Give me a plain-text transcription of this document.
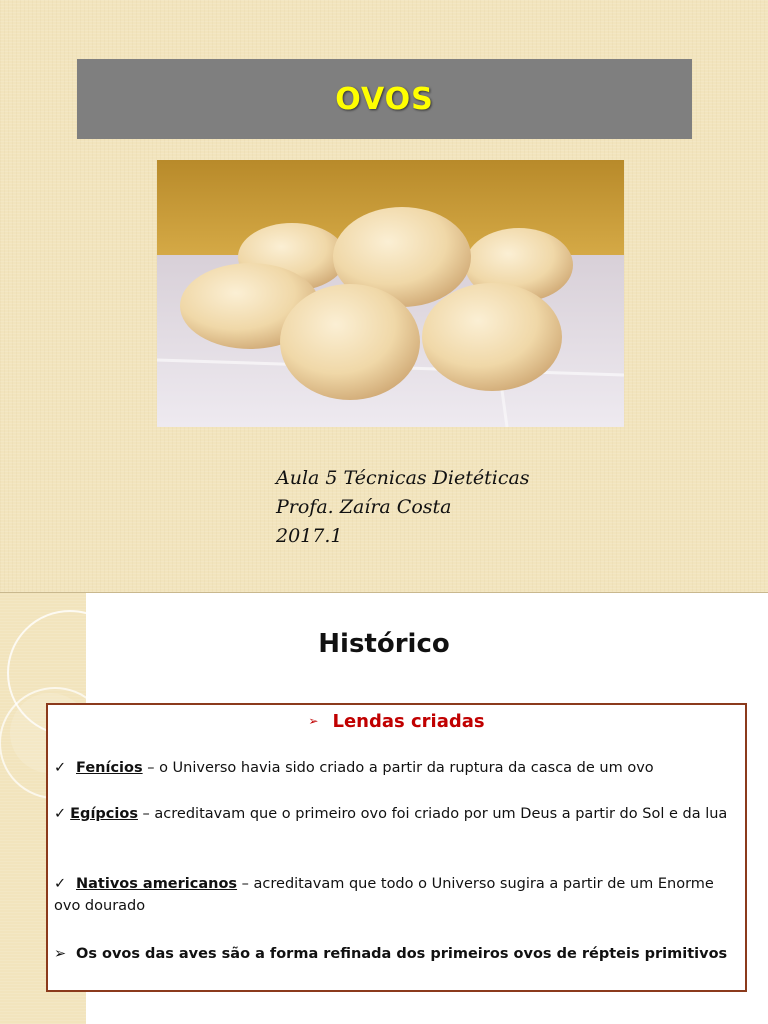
OVOS
Aula 5 Técnicas Dietéticas
Profa. Zaíra Costa
2017.1
Histórico
➢ Lendas criadas
✓ Fenícios – o Universo havia sido criado a partir da ruptura da casca de um ovo
✓ Egípcios – acreditavam que o primeiro ovo foi criado por um Deus a partir do Sol e da lua
✓ Nativos americanos – acreditavam que todo o Universo sugira a partir de um Enorme ovo dourado
➢ Os ovos das aves são a forma refinada dos primeiros ovos de répteis primitivos
